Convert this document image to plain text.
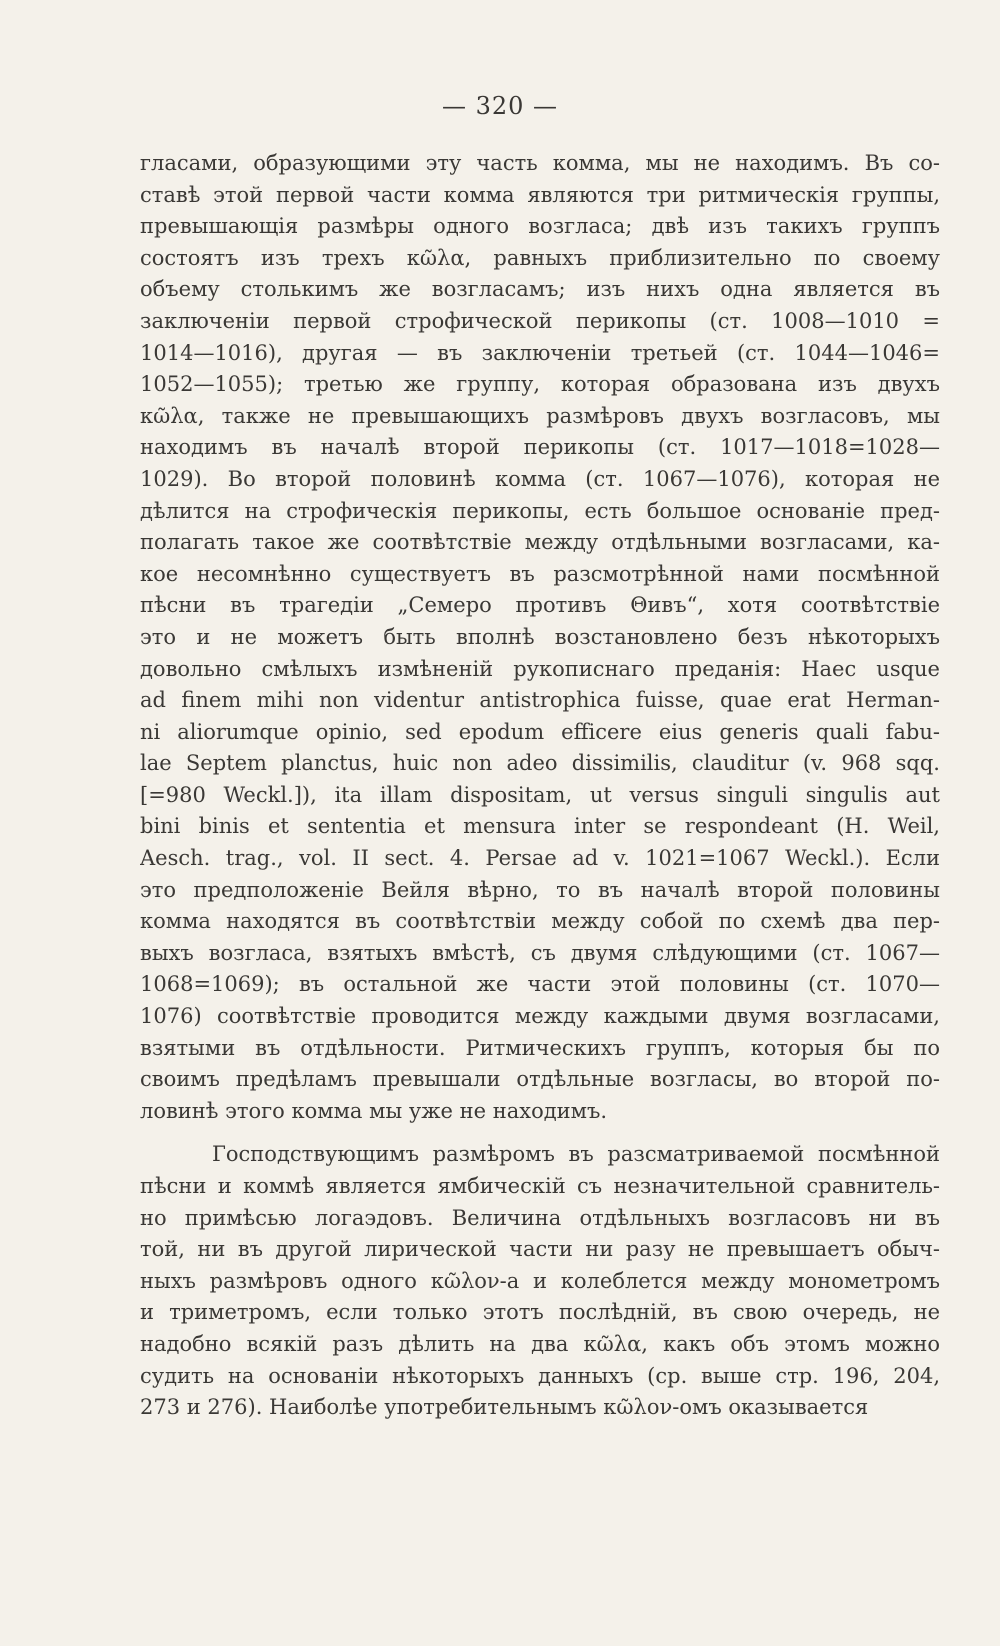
— 320 —
гласами, образующими эту часть комма, мы не находимъ. Въ со-
ставѣ этой первой части комма являются три ритмическія группы,
превышающія размѣры одного возгласа; двѣ изъ такихъ группъ
состоятъ изъ трехъ κῶλα, равныхъ приблизительно по своему
объему столькимъ же возгласамъ; изъ нихъ одна является въ
заключеніи первой строфической перикопы (ст. 1008—1010 =
1014—1016), другая — въ заключеніи третьей (ст. 1044—1046=
1052—1055); третью же группу, которая образована изъ двухъ
κῶλα, также не превышающихъ размѣровъ двухъ возгласовъ, мы
находимъ въ началѣ второй перикопы (ст. 1017—1018=1028—
1029). Во второй половинѣ комма (ст. 1067—1076), которая не
дѣлится на строфическія перикопы, есть большое основаніе пред-
полагать такое же соотвѣтствіе между отдѣльными возгласами, ка-
кое несомнѣнно существуетъ въ разсмотрѣнной нами посмѣнной
пѣсни въ трагедіи „Семеро противъ Θивъ“, хотя соотвѣтствіе
это и не можетъ быть вполнѣ возстановлено безъ нѣкоторыхъ
довольно смѣлыхъ измѣненій рукописнаго преданія: Haec usque
ad finem mihi non videntur antistrophica fuisse, quae erat Herman-
ni aliorumque opinio, sed epodum efficere eius generis quali fabu-
lae Septem planctus, huic non adeo dissimilis, clauditur (v. 968 sqq.
[=980 Weckl.]), ita illam dispositam, ut versus singuli singulis aut
bini binis et sententia et mensura inter se respondeant (H. Weil,
Aesch. trag., vol. II sect. 4. Persae ad v. 1021=1067 Weckl.). Если
это предположеніе Вейля вѣрно, то въ началѣ второй половины
комма находятся въ соотвѣтствіи между собой по схемѣ два пер-
выхъ возгласа, взятыхъ вмѣстѣ, съ двумя слѣдующими (ст. 1067—
1068=1069); въ остальной же части этой половины (ст. 1070—
1076) соотвѣтствіе проводится между каждыми двумя возгласами,
взятыми въ отдѣльности. Ритмическихъ группъ, которыя бы по
своимъ предѣламъ превышали отдѣльные возгласы, во второй по-
ловинѣ этого комма мы уже не находимъ.
Господствующимъ размѣромъ въ разсматриваемой посмѣнной
пѣсни и коммѣ является ямбическій съ незначительной сравнитель-
но примѣсью логаэдовъ. Величина отдѣльныхъ возгласовъ ни въ
той, ни въ другой лирической части ни разу не превышаетъ обыч-
ныхъ размѣровъ одного κῶλον-а и колеблется между монометромъ
и триметромъ, если только этотъ послѣдній, въ свою очередь, не
надобно всякій разъ дѣлить на два κῶλα, какъ объ этомъ можно
судить на основаніи нѣкоторыхъ данныхъ (ср. выше стр. 196, 204,
273 и 276). Наиболѣе употребительнымъ κῶλον-омъ оказывается
